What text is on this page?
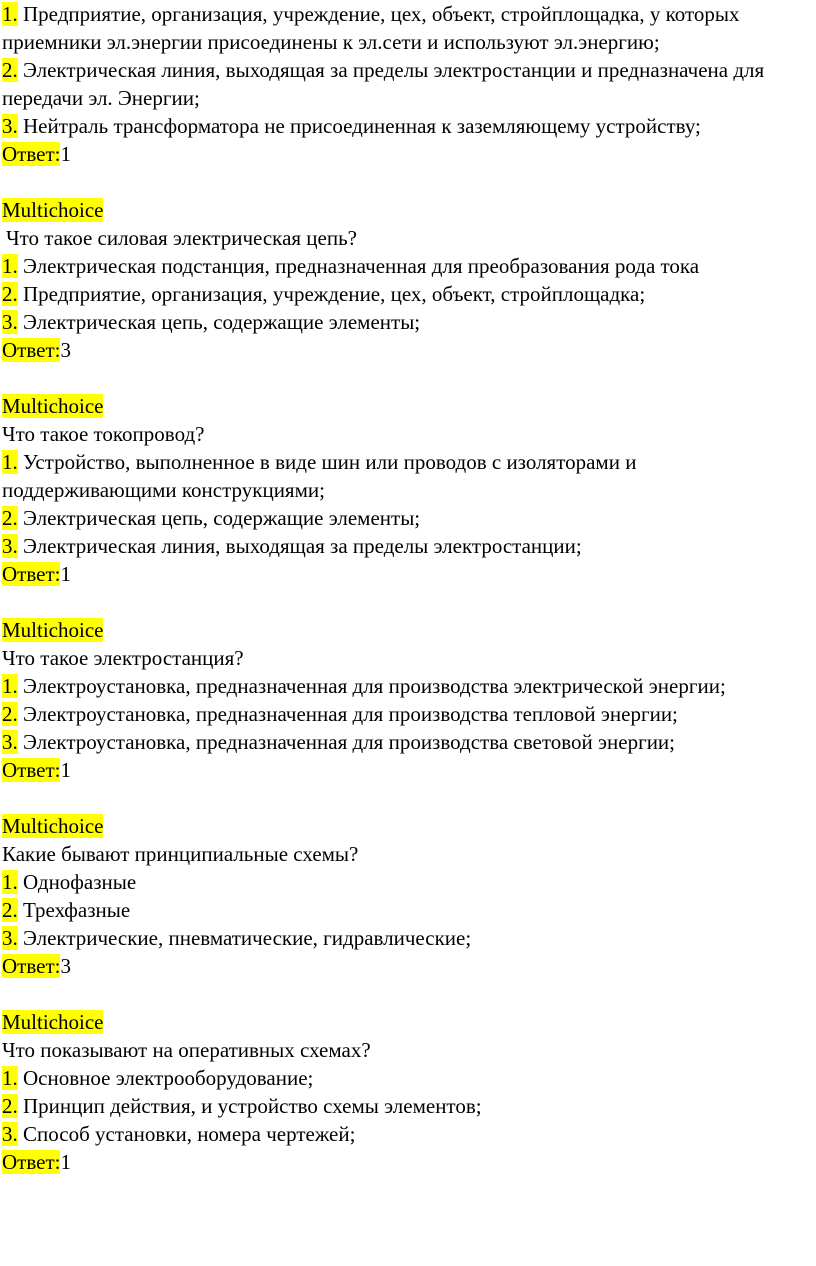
1. Предприятие, организация, учреждение, цех, объект, стройплощадка, у которых приемники эл.энергии присоединены к эл.сети и используют эл.энергию;
2. Электрическая линия, выходящая за пределы электростанции и предназначена для передачи эл. Энергии;
3. Нейтраль трансформатора не присоединенная к заземляющему устройству;
Ответ:1
Multichoice
Что такое силовая электрическая цепь?
1. Электрическая подстанция, предназначенная для преобразования рода тока
2. Предприятие, организация, учреждение, цех, объект, стройплощадка;
3. Электрическая цепь, содержащие элементы;
Ответ:3
Multichoice
Что такое токопровод?
1. Устройство, выполненное в виде шин или проводов с изоляторами и поддерживающими конструкциями;
2. Электрическая цепь, содержащие элементы;
3. Электрическая линия, выходящая за пределы электростанции;
Ответ:1
Multichoice
Что такое электростанция?
1. Электроустановка, предназначенная для производства электрической энергии;
2. Электроустановка, предназначенная для производства тепловой энергии;
3. Электроустановка, предназначенная для производства световой энергии;
Ответ:1
Multichoice
Какие бывают принципиальные схемы?
1. Однофазные
2. Трехфазные
3. Электрические, пневматические, гидравлические;
Ответ:3
Multichoice
Что показывают на оперативных схемах?
1. Основное электрооборудование;
2. Принцип действия, и устройство схемы элементов;
3. Способ установки, номера чертежей;
Ответ:1
